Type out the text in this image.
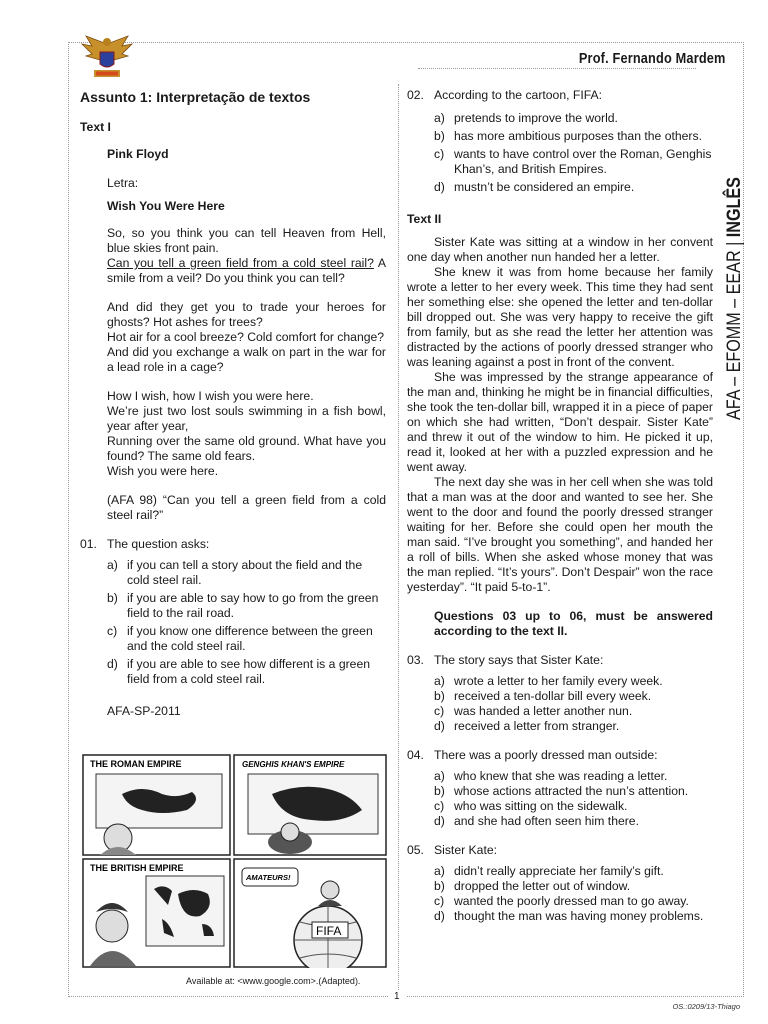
Prof. Fernando Mardem
AFA – EFOMM – EEAR | INGLÊS
Assunto 1: Interpretação de textos

Text I

Pink Floyd

Letra:

Wish You Were Here

So, so you think you can tell Heaven from Hell, blue skies front pain.

Can you tell a green field from a cold steel rail? A smile from a veil? Do you think you can tell?

And did they get you to trade your heroes for ghosts? Hot ashes for trees?

Hot air for a cool breeze? Cold comfort for change?

And did you exchange a walk on part in the war for a lead role in a cage?

How I wish, how I wish you were here.

We’re just two lost souls swimming in a fish bowl, year after year,

Running over the same old ground. What have you found? The same old fears.

Wish you were here.

(AFA 98) “Can you tell a green field from a cold steel rail?”

01. The question asks:
a) if you can tell a story about the field and the cold steel rail.
b) if you are able to say how to go from the green field to the rail road.
c) if you know one difference between the green and the cold steel rail.
d) if you are able to see how different is a green field from a cold steel rail.

AFA-SP-2011

THE ROMAN EMPIRE	GENGHIS KHAN'S EMPIRE
THE BRITISH EMPIRE
AMATEURS!
FIFA
Available at: <www.google.com>.(Adapted).
02. According to the cartoon, FIFA:
a) pretends to improve the world.
b) has more ambitious purposes than the others.
c) wants to have control over the Roman, Genghis Khan’s, and British Empires.
d) mustn’t be considered an empire.

Text II

Sister Kate was sitting at a window in her convent one day when another nun handed her a letter.

She knew it was from home because her family wrote a letter to her every week. This time they had sent her something else: she opened the letter and ten-dollar bill dropped out. She was very happy to receive the gift from family, but as she read the letter her attention was distracted by the actions of poorly dressed stranger who was leaning against a post in front of the convent.

She was impressed by the strange appearance of the man and, thinking he might be in financial difficulties, she took the ten-dollar bill, wrapped it in a piece of paper on which she had written, “Don’t despair. Sister Kate” and threw it out of the window to him. He picked it up, read it, looked at her with a puzzled expression and he went away.

The next day she was in her cell when she was told that a man was at the door and wanted to see her. She went to the door and found the poorly dressed stranger waiting for her. Before she could open her mouth the man said. “I’ve brought you something”, and handed her a roll of bills. When she asked whose money that was the man replied. “It’s yours”. Don’t Despair” won the race yesterday”. “It paid 5-to-1”.

Questions 03 up to 06, must be answered according to the text II.

03. The story says that Sister Kate:
a) wrote a letter to her family every week.
b) received a ten-dollar bill every week.
c) was handed a letter another nun.
d) received a letter from stranger.
04. There was a poorly dressed man outside:
a) who knew that she was reading a letter.
b) whose actions attracted the nun’s attention.
c) who was sitting on the sidewalk.
d) and she had often seen him there.
05. Sister Kate:
a) didn’t really appreciate her family’s gift.
b) dropped the letter out of window.
c) wanted the poorly dressed man to go away.
d) thought the man was having money problems.
1
OS.:0209/13-Thiago
